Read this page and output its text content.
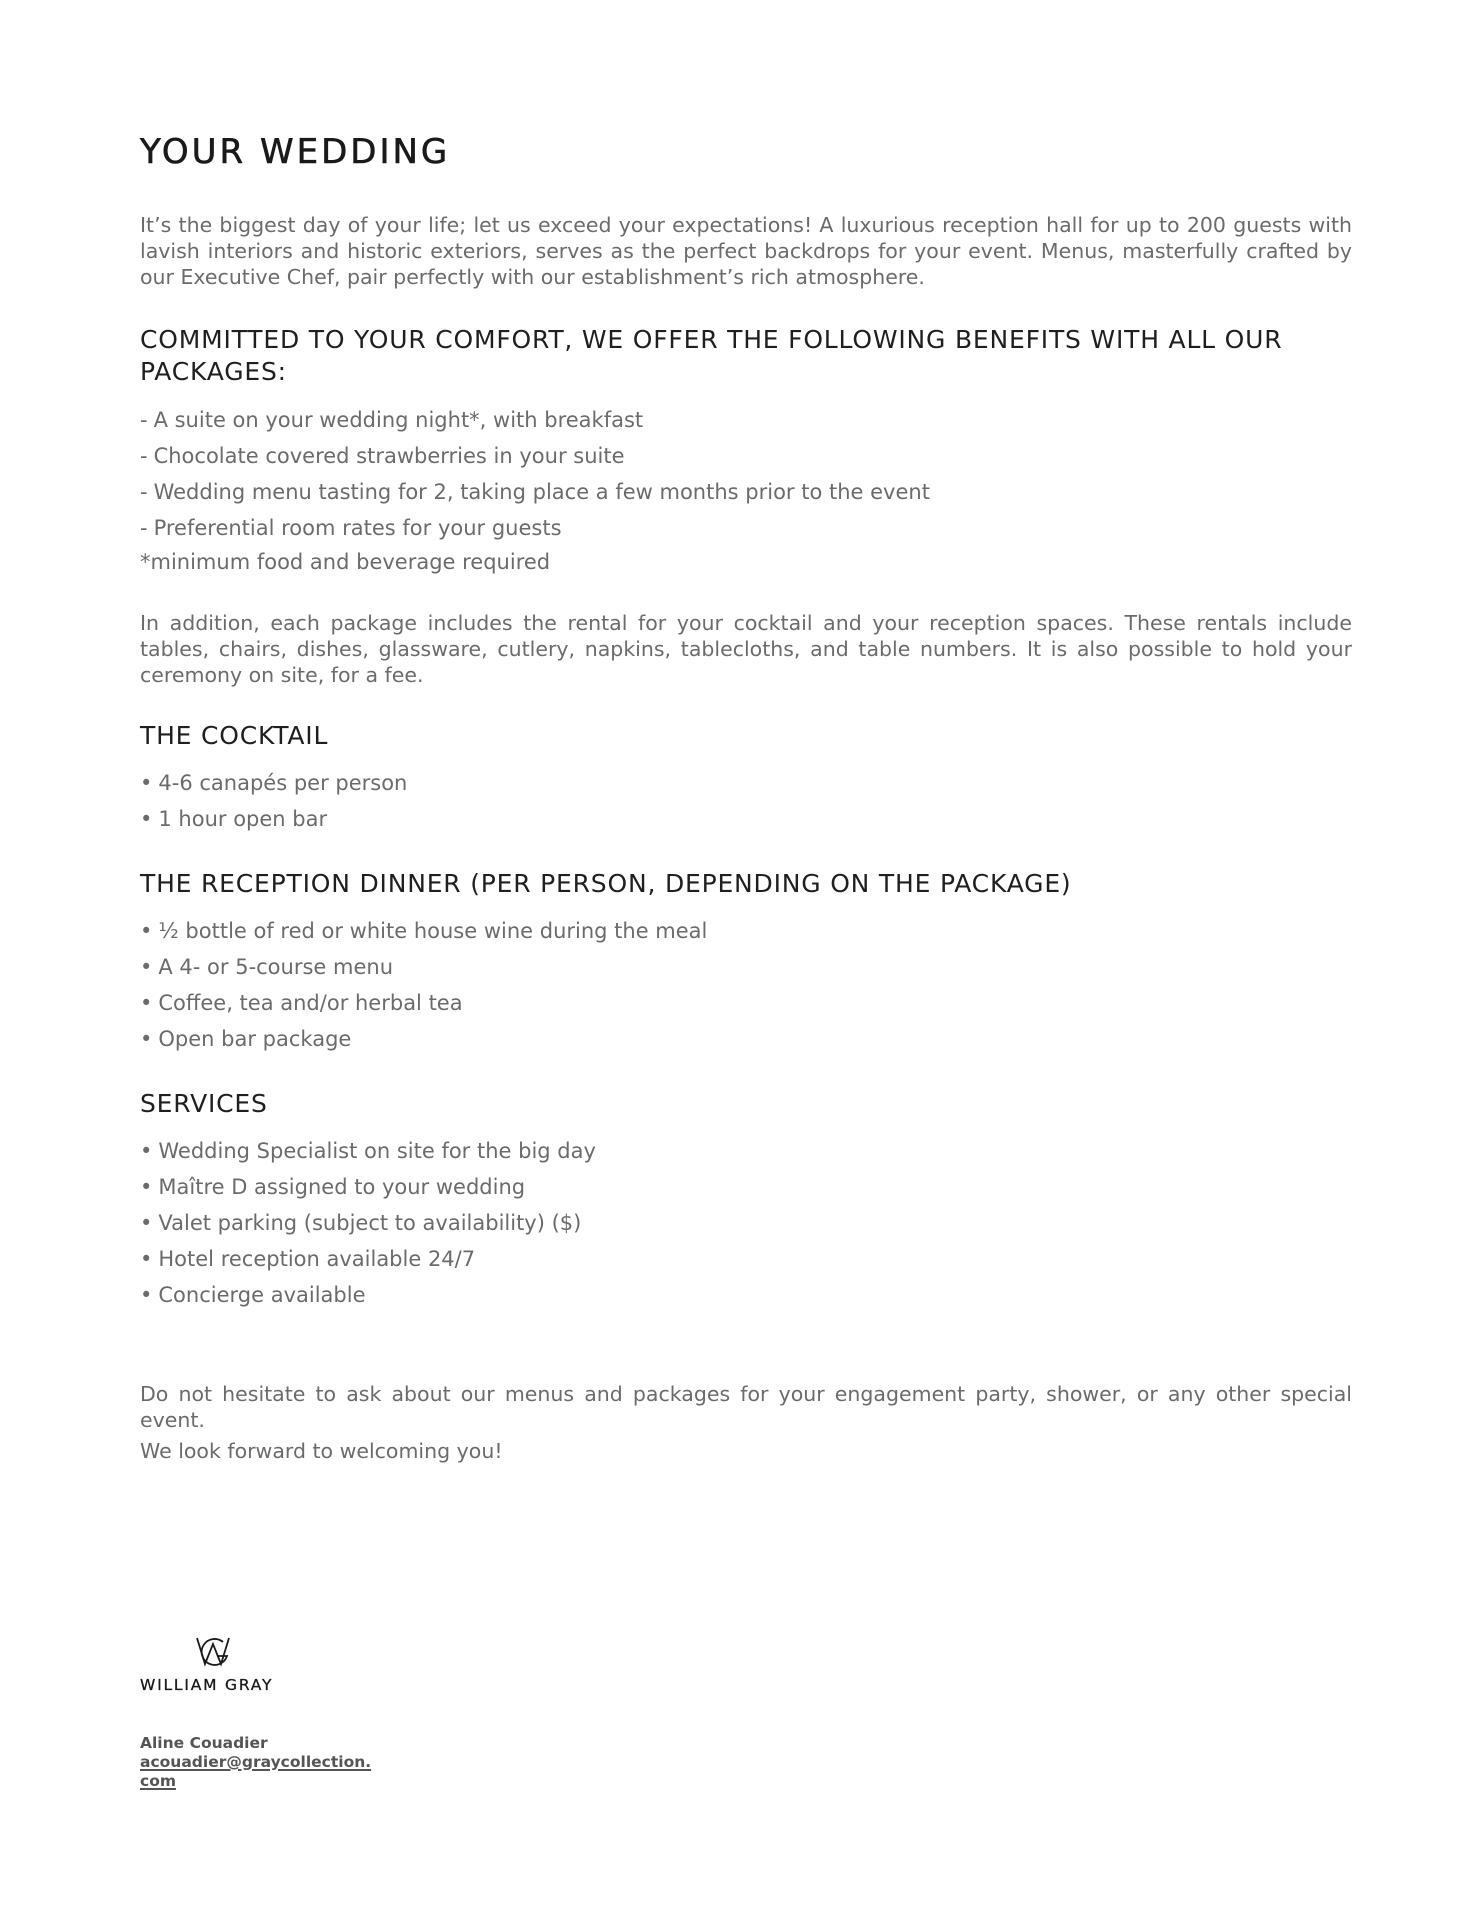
YOUR WEDDING

It’s the biggest day of your life; let us exceed your expectations! A luxurious reception hall for up to 200 guests with lavish interiors and historic exteriors, serves as the perfect backdrops for your event. Menus, masterfully crafted by our Executive Chef, pair perfectly with our establishment’s rich atmosphere.

COMMITTED TO YOUR COMFORT, WE OFFER THE FOLLOWING BENEFITS WITH ALL OUR PACKAGES:
- A suite on your wedding night*, with breakfast
- Chocolate covered strawberries in your suite
- Wedding menu tasting for 2, taking place a few months prior to the event
- Preferential room rates for your guests

*minimum food and beverage required

In addition, each package includes the rental for your cocktail and your reception spaces. These rentals include tables, chairs, dishes, glassware, cutlery, napkins, tablecloths, and table numbers. It is also possible to hold your ceremony on site, for a fee.

THE COCKTAIL
• 4-6 canapés per person
• 1 hour open bar
THE RECEPTION DINNER (PER PERSON, DEPENDING ON THE PACKAGE)
• ½ bottle of red or white house wine during the meal
• A 4- or 5-course menu
• Coffee, tea and/or herbal tea
• Open bar package
SERVICES
• Wedding Specialist on site for the big day
• Maître D assigned to your wedding
• Valet parking (subject to availability) ($)
• Hotel reception available 24/7
• Concierge available

Do not hesitate to ask about our menus and packages for your engagement party, shower, or any other special event.

We look forward to welcoming you!

WILLIAM GRAY
Aline Couadier
acouadier@graycollection.com
